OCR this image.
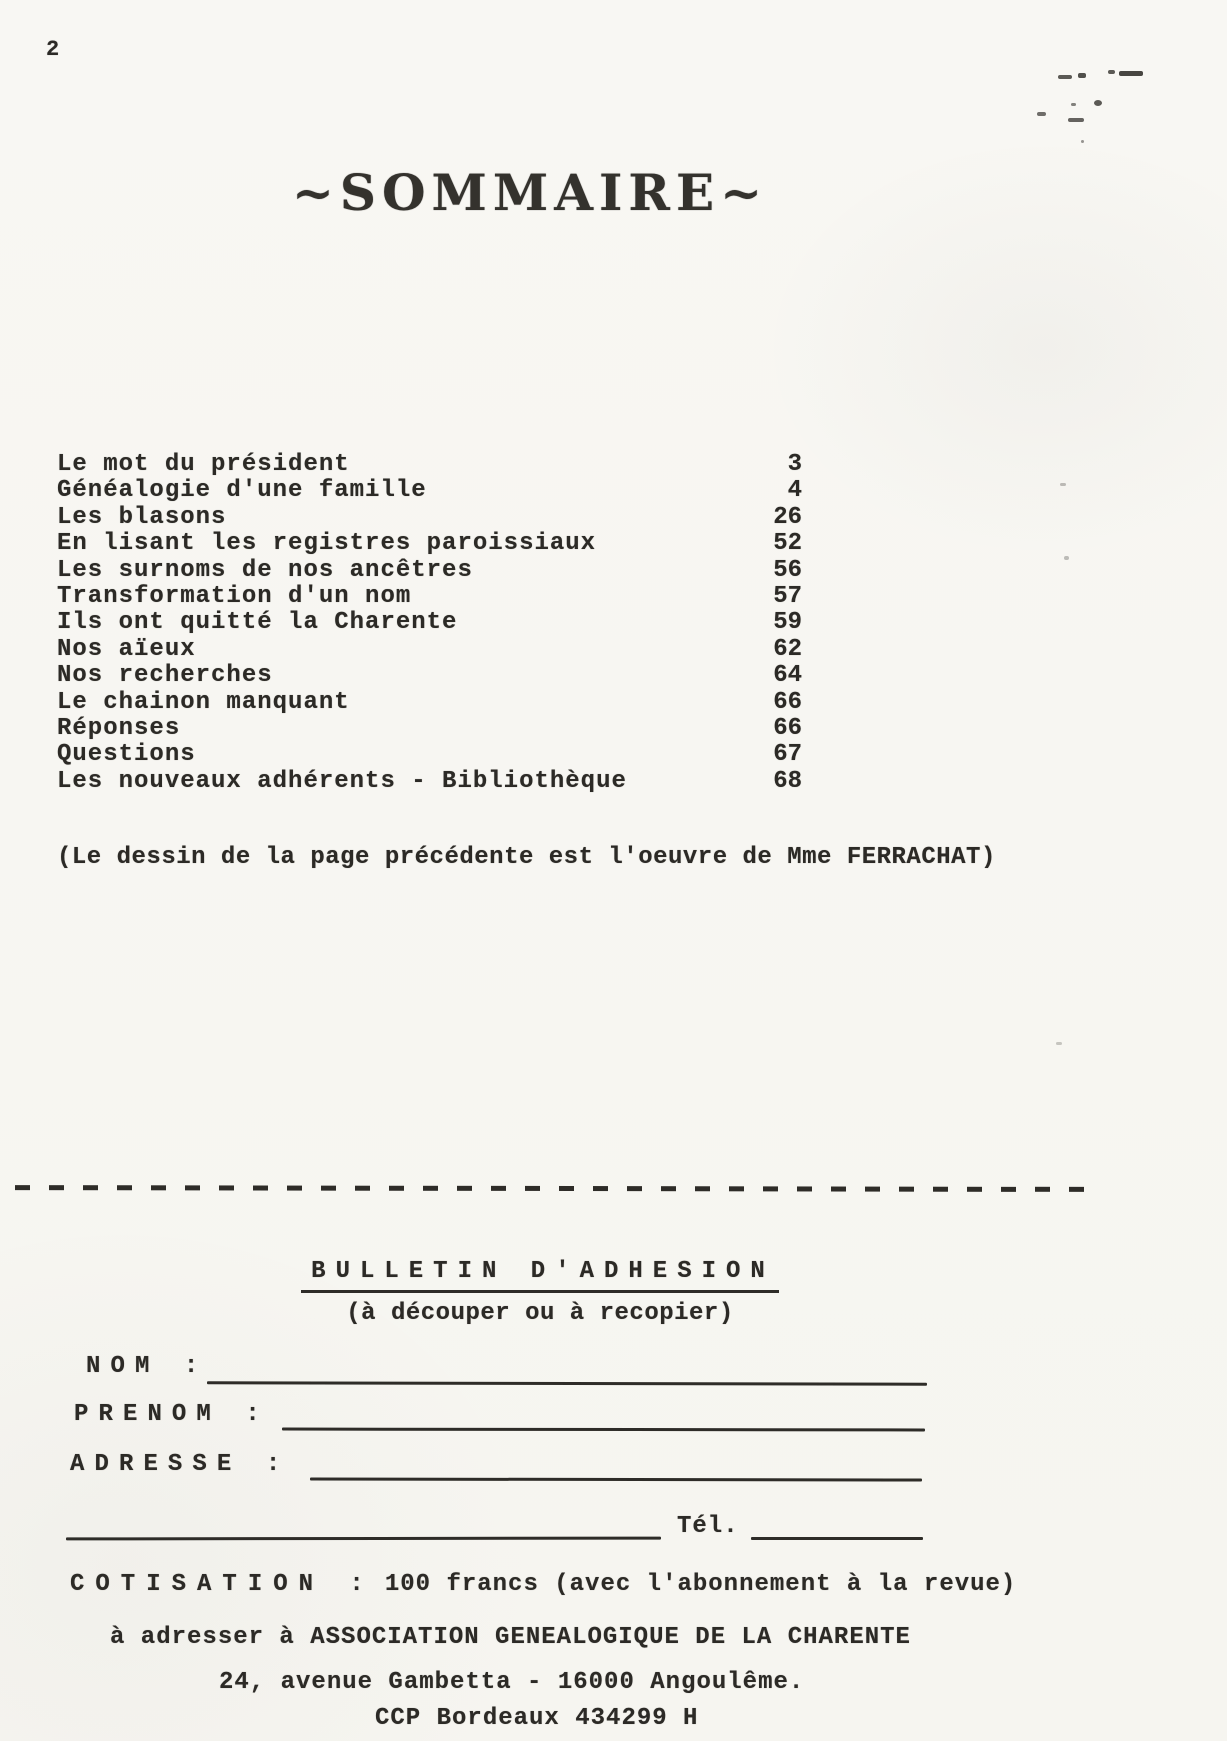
2
~SOMMAIRE~
Le mot du président	3
Généalogie d'une famille	4
Les blasons	26
En lisant les registres paroissiaux	52
Les surnoms de nos ancêtres	56
Transformation d'un nom	57
Ils ont quitté la Charente	59
Nos aïeux	62
Nos recherches	64
Le chainon manquant	66
Réponses	66
Questions	67
Les nouveaux adhérents - Bibliothèque	68
(Le dessin de la page précédente est l'oeuvre de Mme FERRACHAT)
BULLETIN D'ADHESION
(à découper ou à recopier)
NOM :
PRENOM :
ADRESSE :
Tél.
COTISATION : 100 francs (avec l'abonnement à la revue)
à adresser à ASSOCIATION GENEALOGIQUE DE LA CHARENTE
24, avenue Gambetta - 16000 Angoulême.
CCP Bordeaux 434299 H
